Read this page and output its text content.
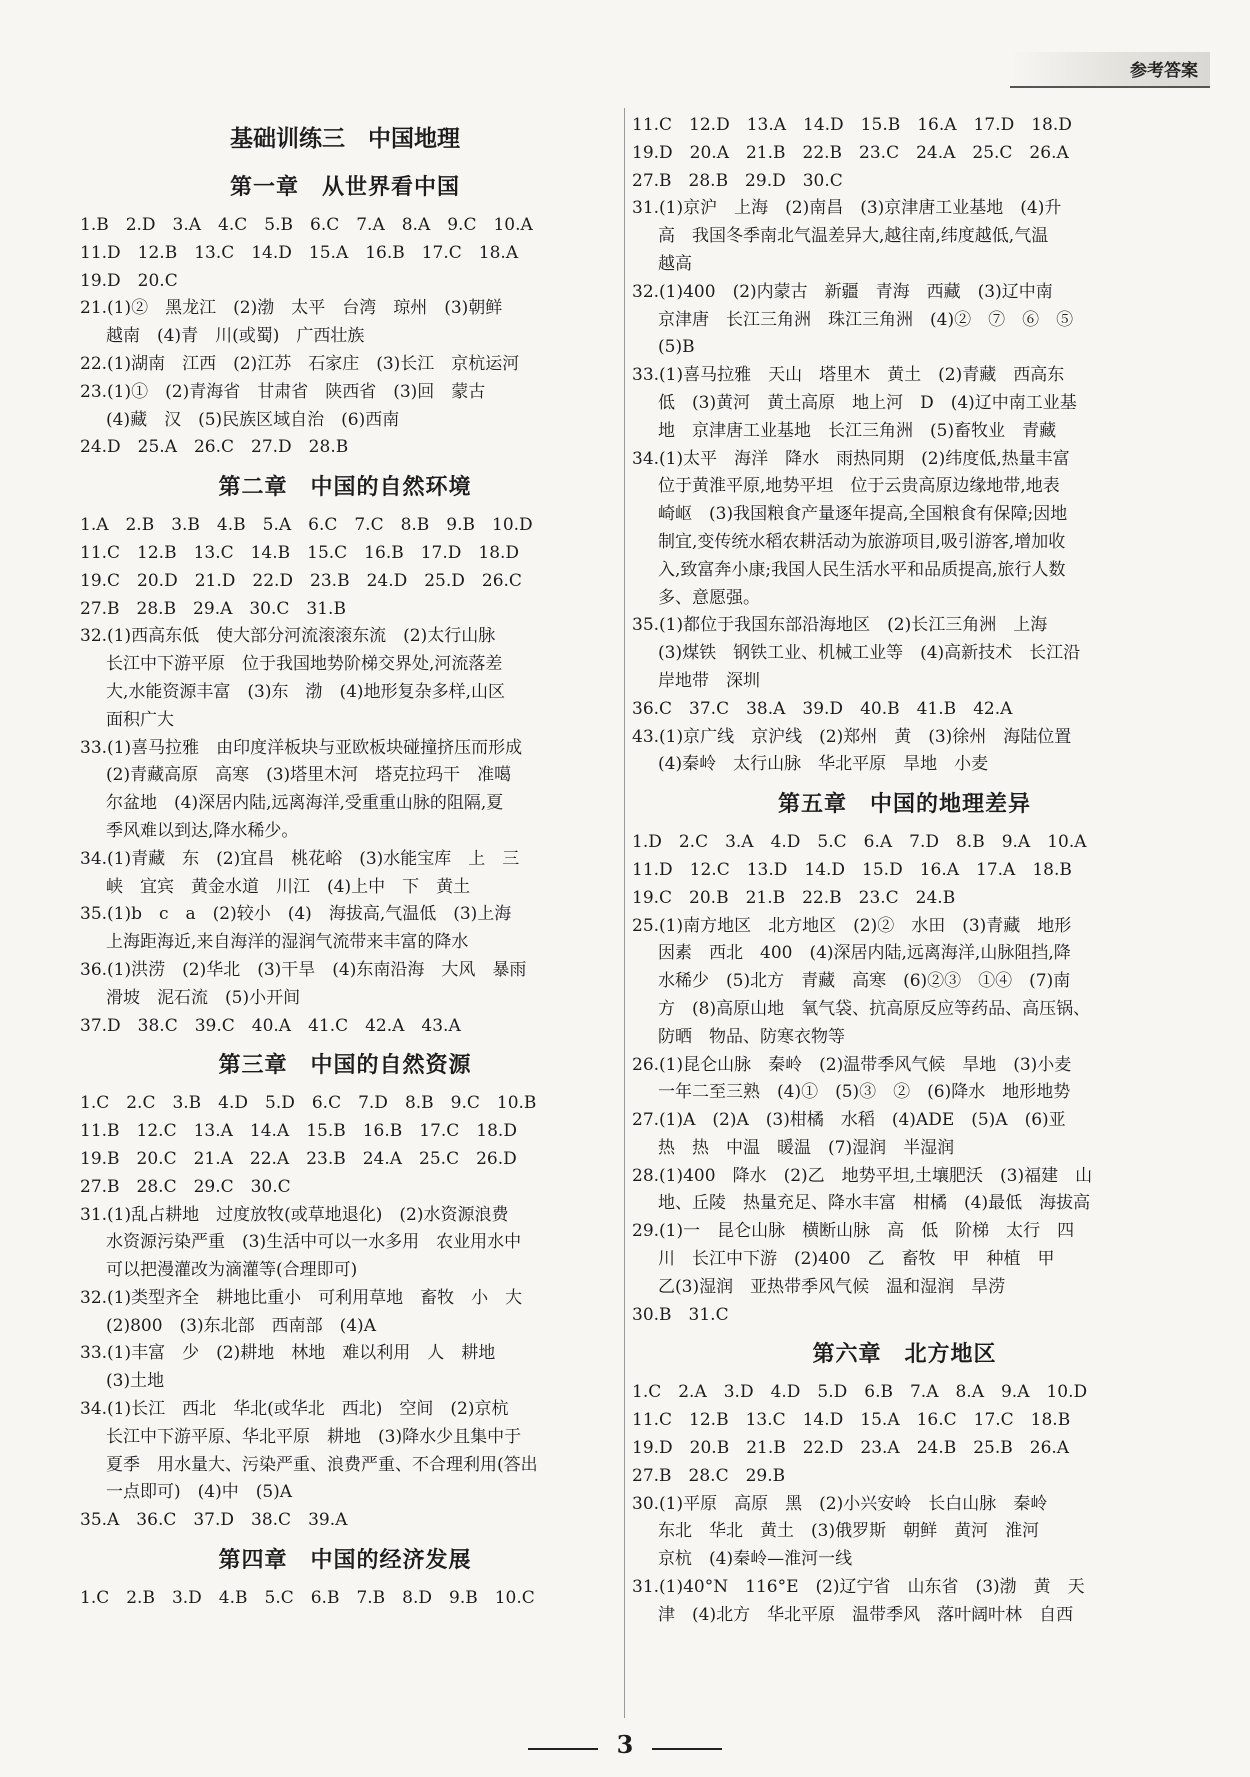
参考答案
基础训练三　中国地理
第一章　从世界看中国
1.B　2.D　3.A　4.C　5.B　6.C　7.A　8.A　9.C　10.A
11.D　12.B　13.C　14.D　15.A　16.B　17.C　18.A
19.D　20.C
21.(1)②　黑龙江　(2)渤　太平　台湾　琼州　(3)朝鲜
越南　(4)青　川(或蜀)　广西壮族
22.(1)湖南　江西　(2)江苏　石家庄　(3)长江　京杭运河
23.(1)①　(2)青海省　甘肃省　陕西省　(3)回　蒙古
(4)藏　汉　(5)民族区域自治　(6)西南
24.D　25.A　26.C　27.D　28.B
第二章　中国的自然环境
1.A　2.B　3.B　4.B　5.A　6.C　7.C　8.B　9.B　10.D
11.C　12.B　13.C　14.B　15.C　16.B　17.D　18.D
19.C　20.D　21.D　22.D　23.B　24.D　25.D　26.C
27.B　28.B　29.A　30.C　31.B
32.(1)西高东低　使大部分河流滚滚东流　(2)太行山脉
长江中下游平原　位于我国地势阶梯交界处,河流落差
大,水能资源丰富　(3)东　渤　(4)地形复杂多样,山区
面积广大
33.(1)喜马拉雅　由印度洋板块与亚欧板块碰撞挤压而形成
(2)青藏高原　高寒　(3)塔里木河　塔克拉玛干　准噶
尔盆地　(4)深居内陆,远离海洋,受重重山脉的阻隔,夏
季风难以到达,降水稀少。
34.(1)青藏　东　(2)宜昌　桃花峪　(3)水能宝库　上　三
峡　宜宾　黄金水道　川江　(4)上中　下　黄土
35.(1)b　c　a　(2)较小　(4)　海拔高,气温低　(3)上海
上海距海近,来自海洋的湿润气流带来丰富的降水
36.(1)洪涝　(2)华北　(3)干旱　(4)东南沿海　大风　暴雨
滑坡　泥石流　(5)小开间
37.D　38.C　39.C　40.A　41.C　42.A　43.A
第三章　中国的自然资源
1.C　2.C　3.B　4.D　5.D　6.C　7.D　8.B　9.C　10.B
11.B　12.C　13.A　14.A　15.B　16.B　17.C　18.D
19.B　20.C　21.A　22.A　23.B　24.A　25.C　26.D
27.B　28.C　29.C　30.C
31.(1)乱占耕地　过度放牧(或草地退化)　(2)水资源浪费
水资源污染严重　(3)生活中可以一水多用　农业用水中
可以把漫灌改为滴灌等(合理即可)
32.(1)类型齐全　耕地比重小　可利用草地　畜牧　小　大
(2)800　(3)东北部　西南部　(4)A
33.(1)丰富　少　(2)耕地　林地　难以利用　人　耕地
(3)土地
34.(1)长江　西北　华北(或华北　西北)　空间　(2)京杭
长江中下游平原、华北平原　耕地　(3)降水少且集中于
夏季　用水量大、污染严重、浪费严重、不合理利用(答出
一点即可)　(4)中　(5)A
35.A　36.C　37.D　38.C　39.A
第四章　中国的经济发展
1.C　2.B　3.D　4.B　5.C　6.B　7.B　8.D　9.B　10.C
11.C　12.D　13.A　14.D　15.B　16.A　17.D　18.D
19.D　20.A　21.B　22.B　23.C　24.A　25.C　26.A
27.B　28.B　29.D　30.C
31.(1)京沪　上海　(2)南昌　(3)京津唐工业基地　(4)升
高　我国冬季南北气温差异大,越往南,纬度越低,气温
越高
32.(1)400　(2)内蒙古　新疆　青海　西藏　(3)辽中南
京津唐　长江三角洲　珠江三角洲　(4)②　⑦　⑥　⑤
(5)B
33.(1)喜马拉雅　天山　塔里木　黄土　(2)青藏　西高东
低　(3)黄河　黄土高原　地上河　D　(4)辽中南工业基
地　京津唐工业基地　长江三角洲　(5)畜牧业　青藏
34.(1)太平　海洋　降水　雨热同期　(2)纬度低,热量丰富
位于黄淮平原,地势平坦　位于云贵高原边缘地带,地表
崎岖　(3)我国粮食产量逐年提高,全国粮食有保障;因地
制宜,变传统水稻农耕活动为旅游项目,吸引游客,增加收
入,致富奔小康;我国人民生活水平和品质提高,旅行人数
多、意愿强。
35.(1)都位于我国东部沿海地区　(2)长江三角洲　上海
(3)煤铁　钢铁工业、机械工业等　(4)高新技术　长江沿
岸地带　深圳
36.C　37.C　38.A　39.D　40.B　41.B　42.A
43.(1)京广线　京沪线　(2)郑州　黄　(3)徐州　海陆位置
(4)秦岭　太行山脉　华北平原　旱地　小麦
第五章　中国的地理差异
1.D　2.C　3.A　4.D　5.C　6.A　7.D　8.B　9.A　10.A
11.D　12.C　13.D　14.D　15.D　16.A　17.A　18.B
19.C　20.B　21.B　22.B　23.C　24.B
25.(1)南方地区　北方地区　(2)②　水田　(3)青藏　地形
因素　西北　400　(4)深居内陆,远离海洋,山脉阻挡,降
水稀少　(5)北方　青藏　高寒　(6)②③　①④　(7)南
方　(8)高原山地　氧气袋、抗高原反应等药品、高压锅、
防晒　物品、防寒衣物等
26.(1)昆仑山脉　秦岭　(2)温带季风气候　旱地　(3)小麦
一年二至三熟　(4)①　(5)③　②　(6)降水　地形地势
27.(1)A　(2)A　(3)柑橘　水稻　(4)ADE　(5)A　(6)亚
热　热　中温　暖温　(7)湿润　半湿润
28.(1)400　降水　(2)乙　地势平坦,土壤肥沃　(3)福建　山
地、丘陵　热量充足、降水丰富　柑橘　(4)最低　海拔高
29.(1)一　昆仑山脉　横断山脉　高　低　阶梯　太行　四
川　长江中下游　(2)400　乙　畜牧　甲　种植　甲
乙(3)湿润　亚热带季风气候　温和湿润　旱涝
30.B　31.C
第六章　北方地区
1.C　2.A　3.D　4.D　5.D　6.B　7.A　8.A　9.A　10.D
11.C　12.B　13.C　14.D　15.A　16.C　17.C　18.B
19.D　20.B　21.B　22.D　23.A　24.B　25.B　26.A
27.B　28.C　29.B
30.(1)平原　高原　黑　(2)小兴安岭　长白山脉　秦岭
东北　华北　黄土　(3)俄罗斯　朝鲜　黄河　淮河
京杭　(4)秦岭—淮河一线
31.(1)40°N　116°E　(2)辽宁省　山东省　(3)渤　黄　天
津　(4)北方　华北平原　温带季风　落叶阔叶林　自西
3
